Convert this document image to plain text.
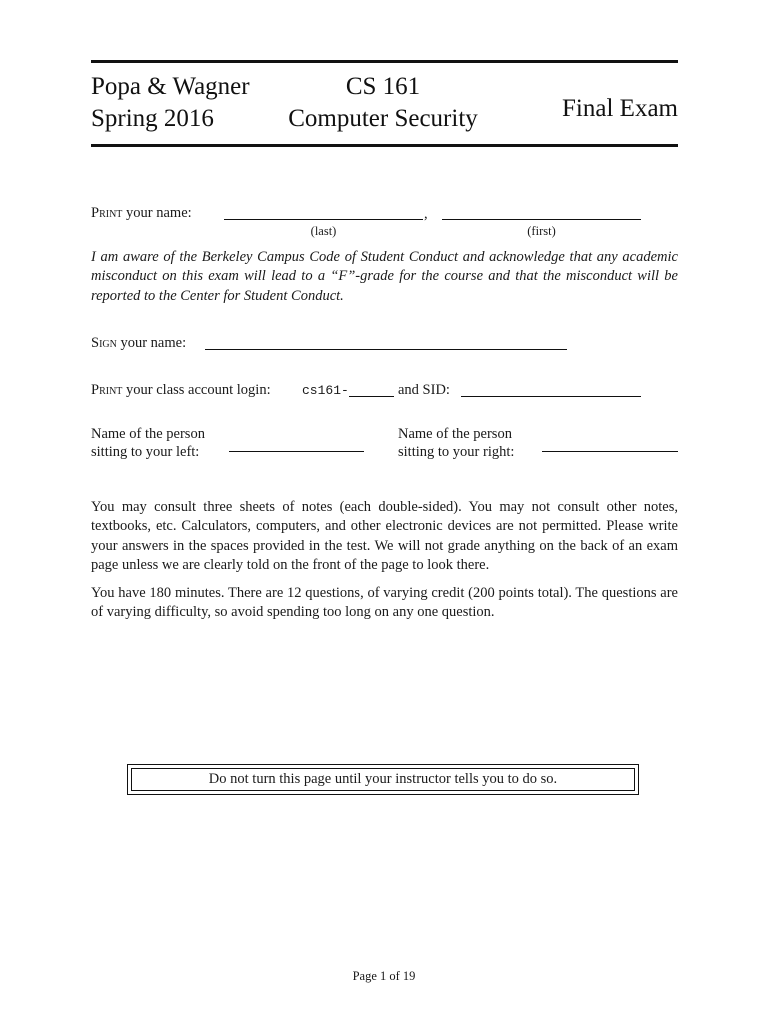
Popa & Wagner
Spring 2016
CS 161
Computer Security	Final Exam
Print your name:	,
(last)	(first)
I am aware of the Berkeley Campus Code of Student Conduct and acknowledge that any academic misconduct on this exam will lead to a “F”-grade for the course and that the misconduct will be reported to the Center for Student Conduct.
Sign your name:
Print your class account login: cs161-	and SID:
Name of the person
sitting to your left:
Name of the person
sitting to your right:
You may consult three sheets of notes (each double-sided). You may not consult other notes, textbooks, etc. Calculators, computers, and other electronic devices are not permitted. Please write your answers in the spaces provided in the test. We will not grade anything on the back of an exam page unless we are clearly told on the front of the page to look there.
You have 180 minutes. There are 12 questions, of varying credit (200 points total). The questions are of varying difficulty, so avoid spending too long on any one question.
Do not turn this page until your instructor tells you to do so.
Page 1 of 19
